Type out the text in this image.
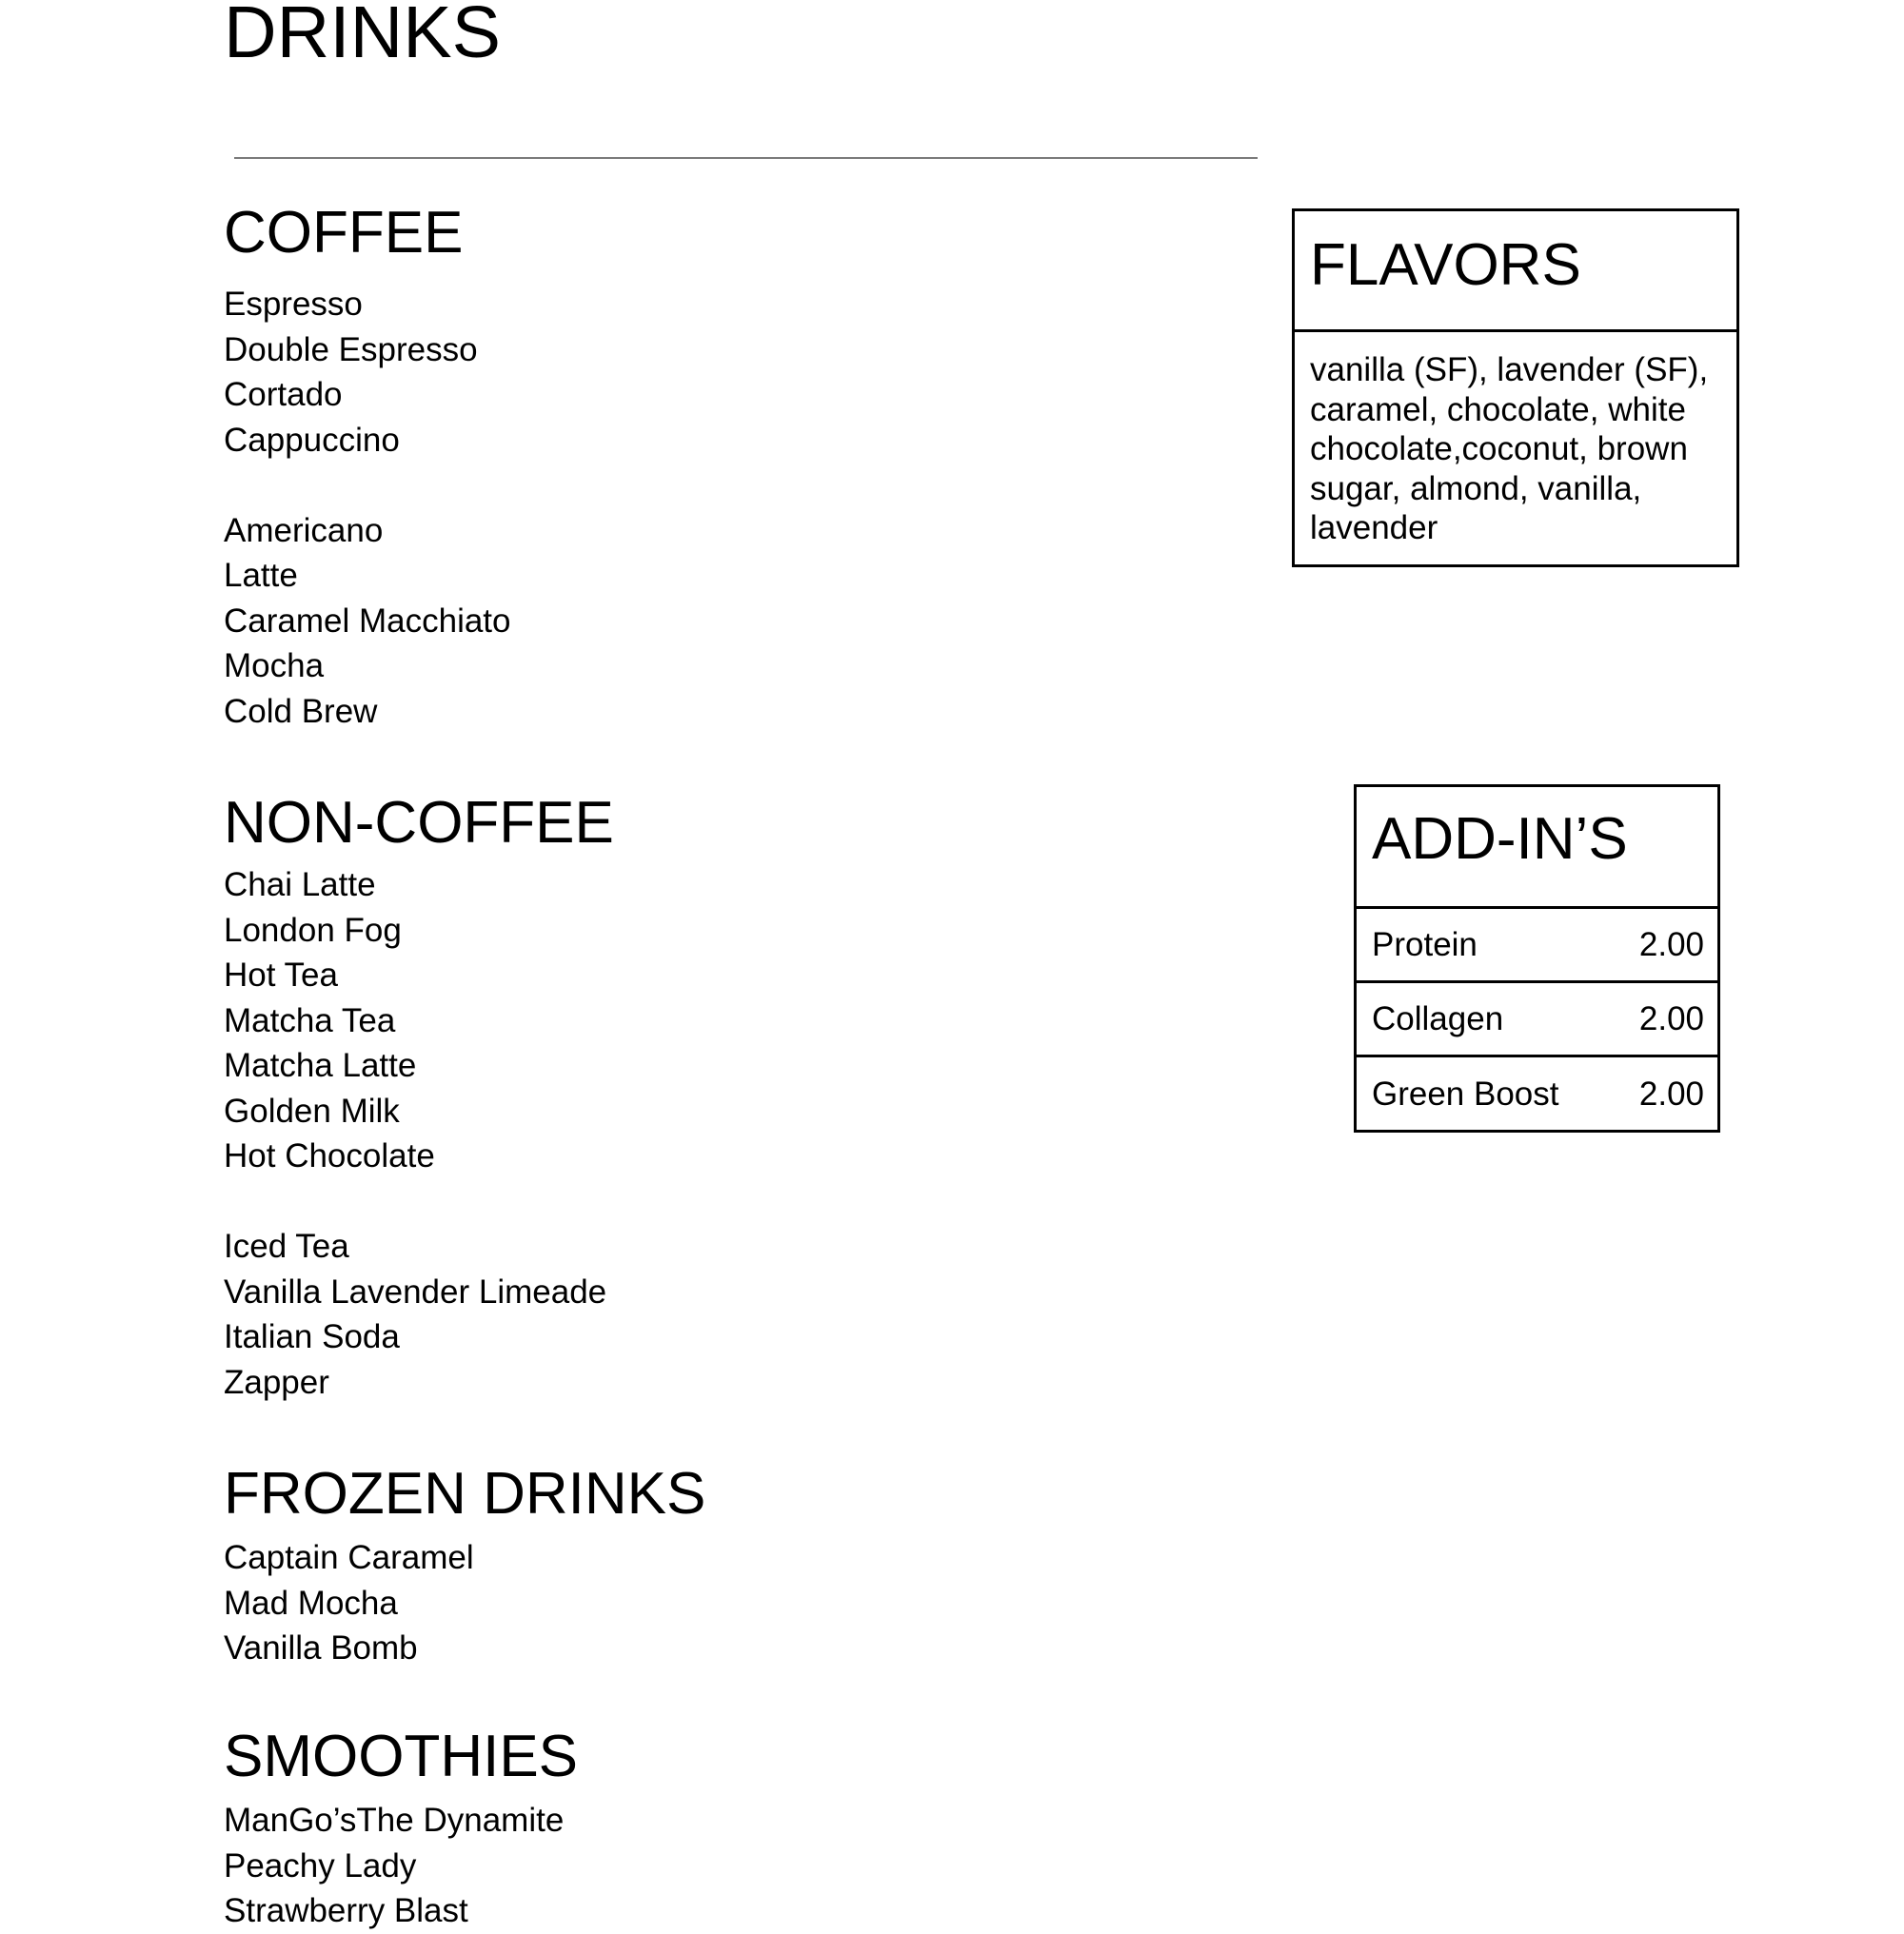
DRINKS
COFFEE
Espresso
Double Espresso
Cortado
Cappuccino
Americano
Latte
Caramel Macchiato
Mocha
Cold Brew
NON-COFFEE
Chai Latte
London Fog
Hot Tea
Matcha Tea
Matcha Latte
Golden Milk
Hot Chocolate
Iced Tea
Vanilla Lavender Limeade
Italian Soda
Zapper
FROZEN DRINKS
Captain Caramel
Mad Mocha
Vanilla Bomb
SMOOTHIES
ManGo’sThe Dynamite
Peachy Lady
Strawberry Blast
FLAVORS
vanilla (SF), lavender (SF), caramel, chocolate, white chocolate,coconut, brown sugar, almond, vanilla, lavender
ADD-IN’S
Protein	2.00
Collagen	2.00
Green Boost 2.00
